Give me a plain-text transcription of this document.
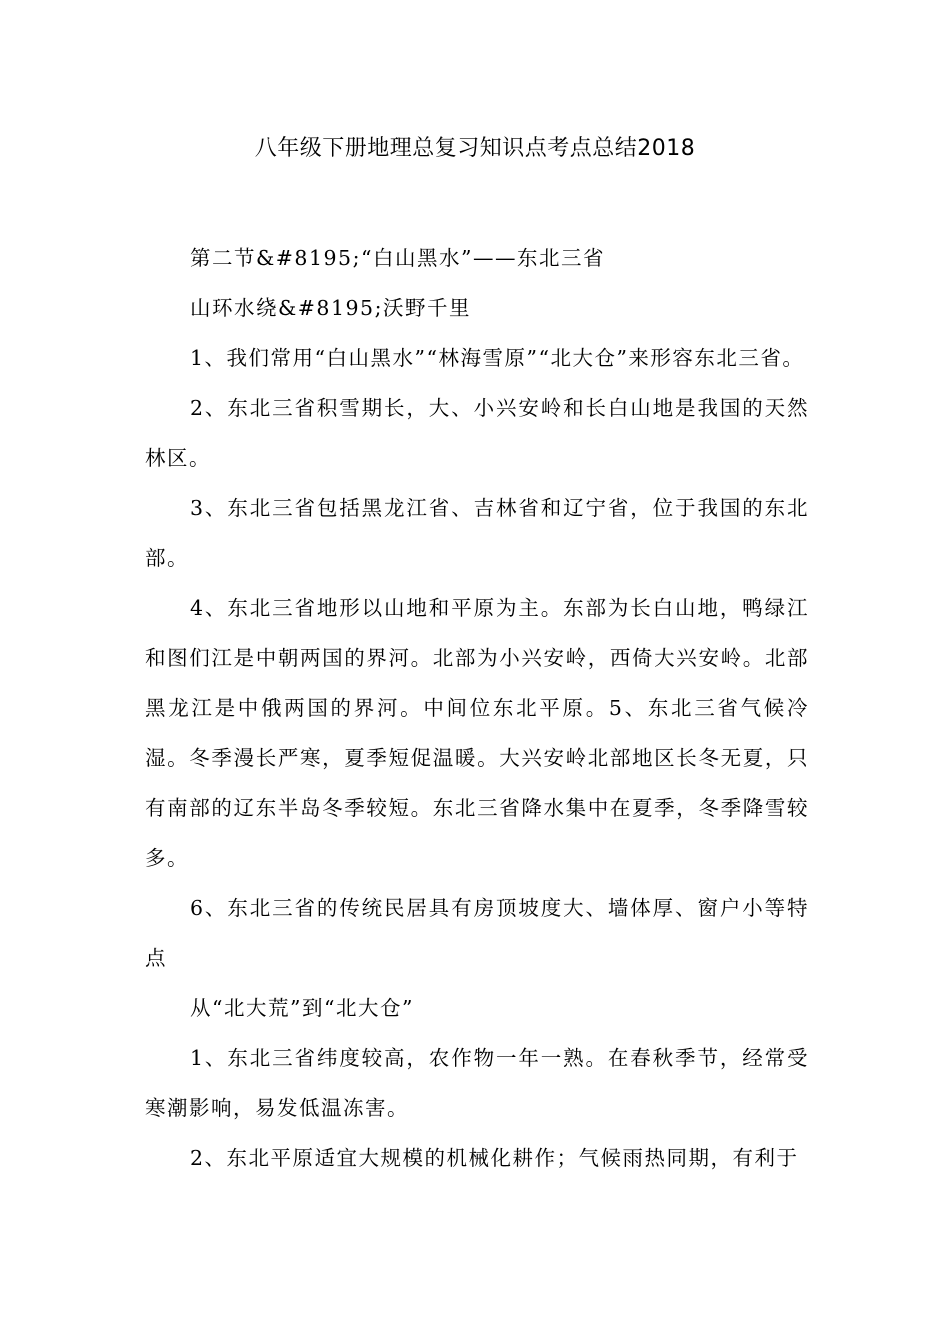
八年级下册地理总复习知识点考点总结2018

第二节&#8195;“白山黑水”——东北三省

山环水绕&#8195;沃野千里

1、我们常用“白山黑水”“林海雪原”“北大仓”来形容东北三省。

2、东北三省积雪期长，大、小兴安岭和长白山地是我国的天然林区。

3、东北三省包括黑龙江省、吉林省和辽宁省，位于我国的东北部。

4、东北三省地形以山地和平原为主。东部为长白山地，鸭绿江和图们江是中朝两国的界河。北部为小兴安岭，西倚大兴安岭。北部黑龙江是中俄两国的界河。中间位东北平原。5、东北三省气候冷湿。冬季漫长严寒，夏季短促温暖。大兴安岭北部地区长冬无夏，只有南部的辽东半岛冬季较短。东北三省降水集中在夏季，冬季降雪较多。

6、东北三省的传统民居具有房顶坡度大、墙体厚、窗户小等特点

从“北大荒”到“北大仓”

1、东北三省纬度较高，农作物一年一熟。在春秋季节，经常受寒潮影响，易发低温冻害。

2、东北平原适宜大规模的机械化耕作；气候雨热同期，有利于
